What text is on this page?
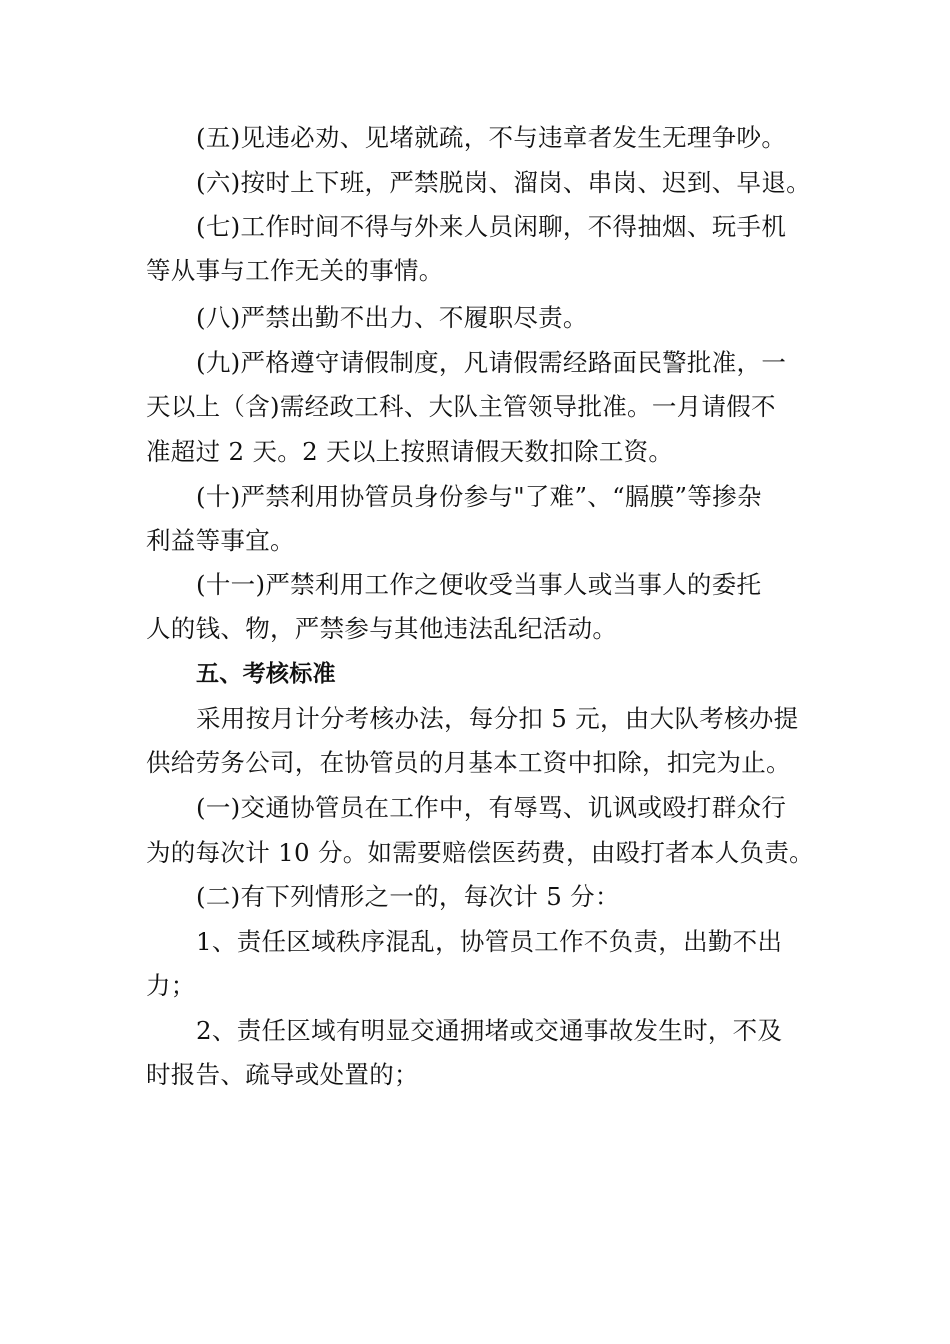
(五)见违必劝、见堵就疏，不与违章者发生无理争吵。

(六)按时上下班，严禁脱岗、溜岗、串岗、迟到、早退。

(七)工作时间不得与外来人员闲聊，不得抽烟、玩手机

等从事与工作无关的事情。

(八)严禁出勤不出力、不履职尽责。

(九)严格遵守请假制度，凡请假需经路面民警批准，一

天以上（含)需经政工科、大队主管领导批准。一月请假不

准超过 2 天。2 天以上按照请假天数扣除工资。

(十)严禁利用协管员身份参与"了难”、“膈膜”等掺杂

利益等事宜。

(十一)严禁利用工作之便收受当事人或当事人的委托

人的钱、物，严禁参与其他违法乱纪活动。

五、考核标准

采用按月计分考核办法，每分扣 5 元，由大队考核办提

供给劳务公司，在协管员的月基本工资中扣除，扣完为止。

(一)交通协管员在工作中，有辱骂、讥讽或殴打群众行

为的每次计 10 分。如需要赔偿医药费，由殴打者本人负责。

(二)有下列情形之一的，每次计 5 分：

1、责任区域秩序混乱，协管员工作不负责，出勤不出

力；

2、责任区域有明显交通拥堵或交通事故发生时，不及

时报告、疏导或处置的；
